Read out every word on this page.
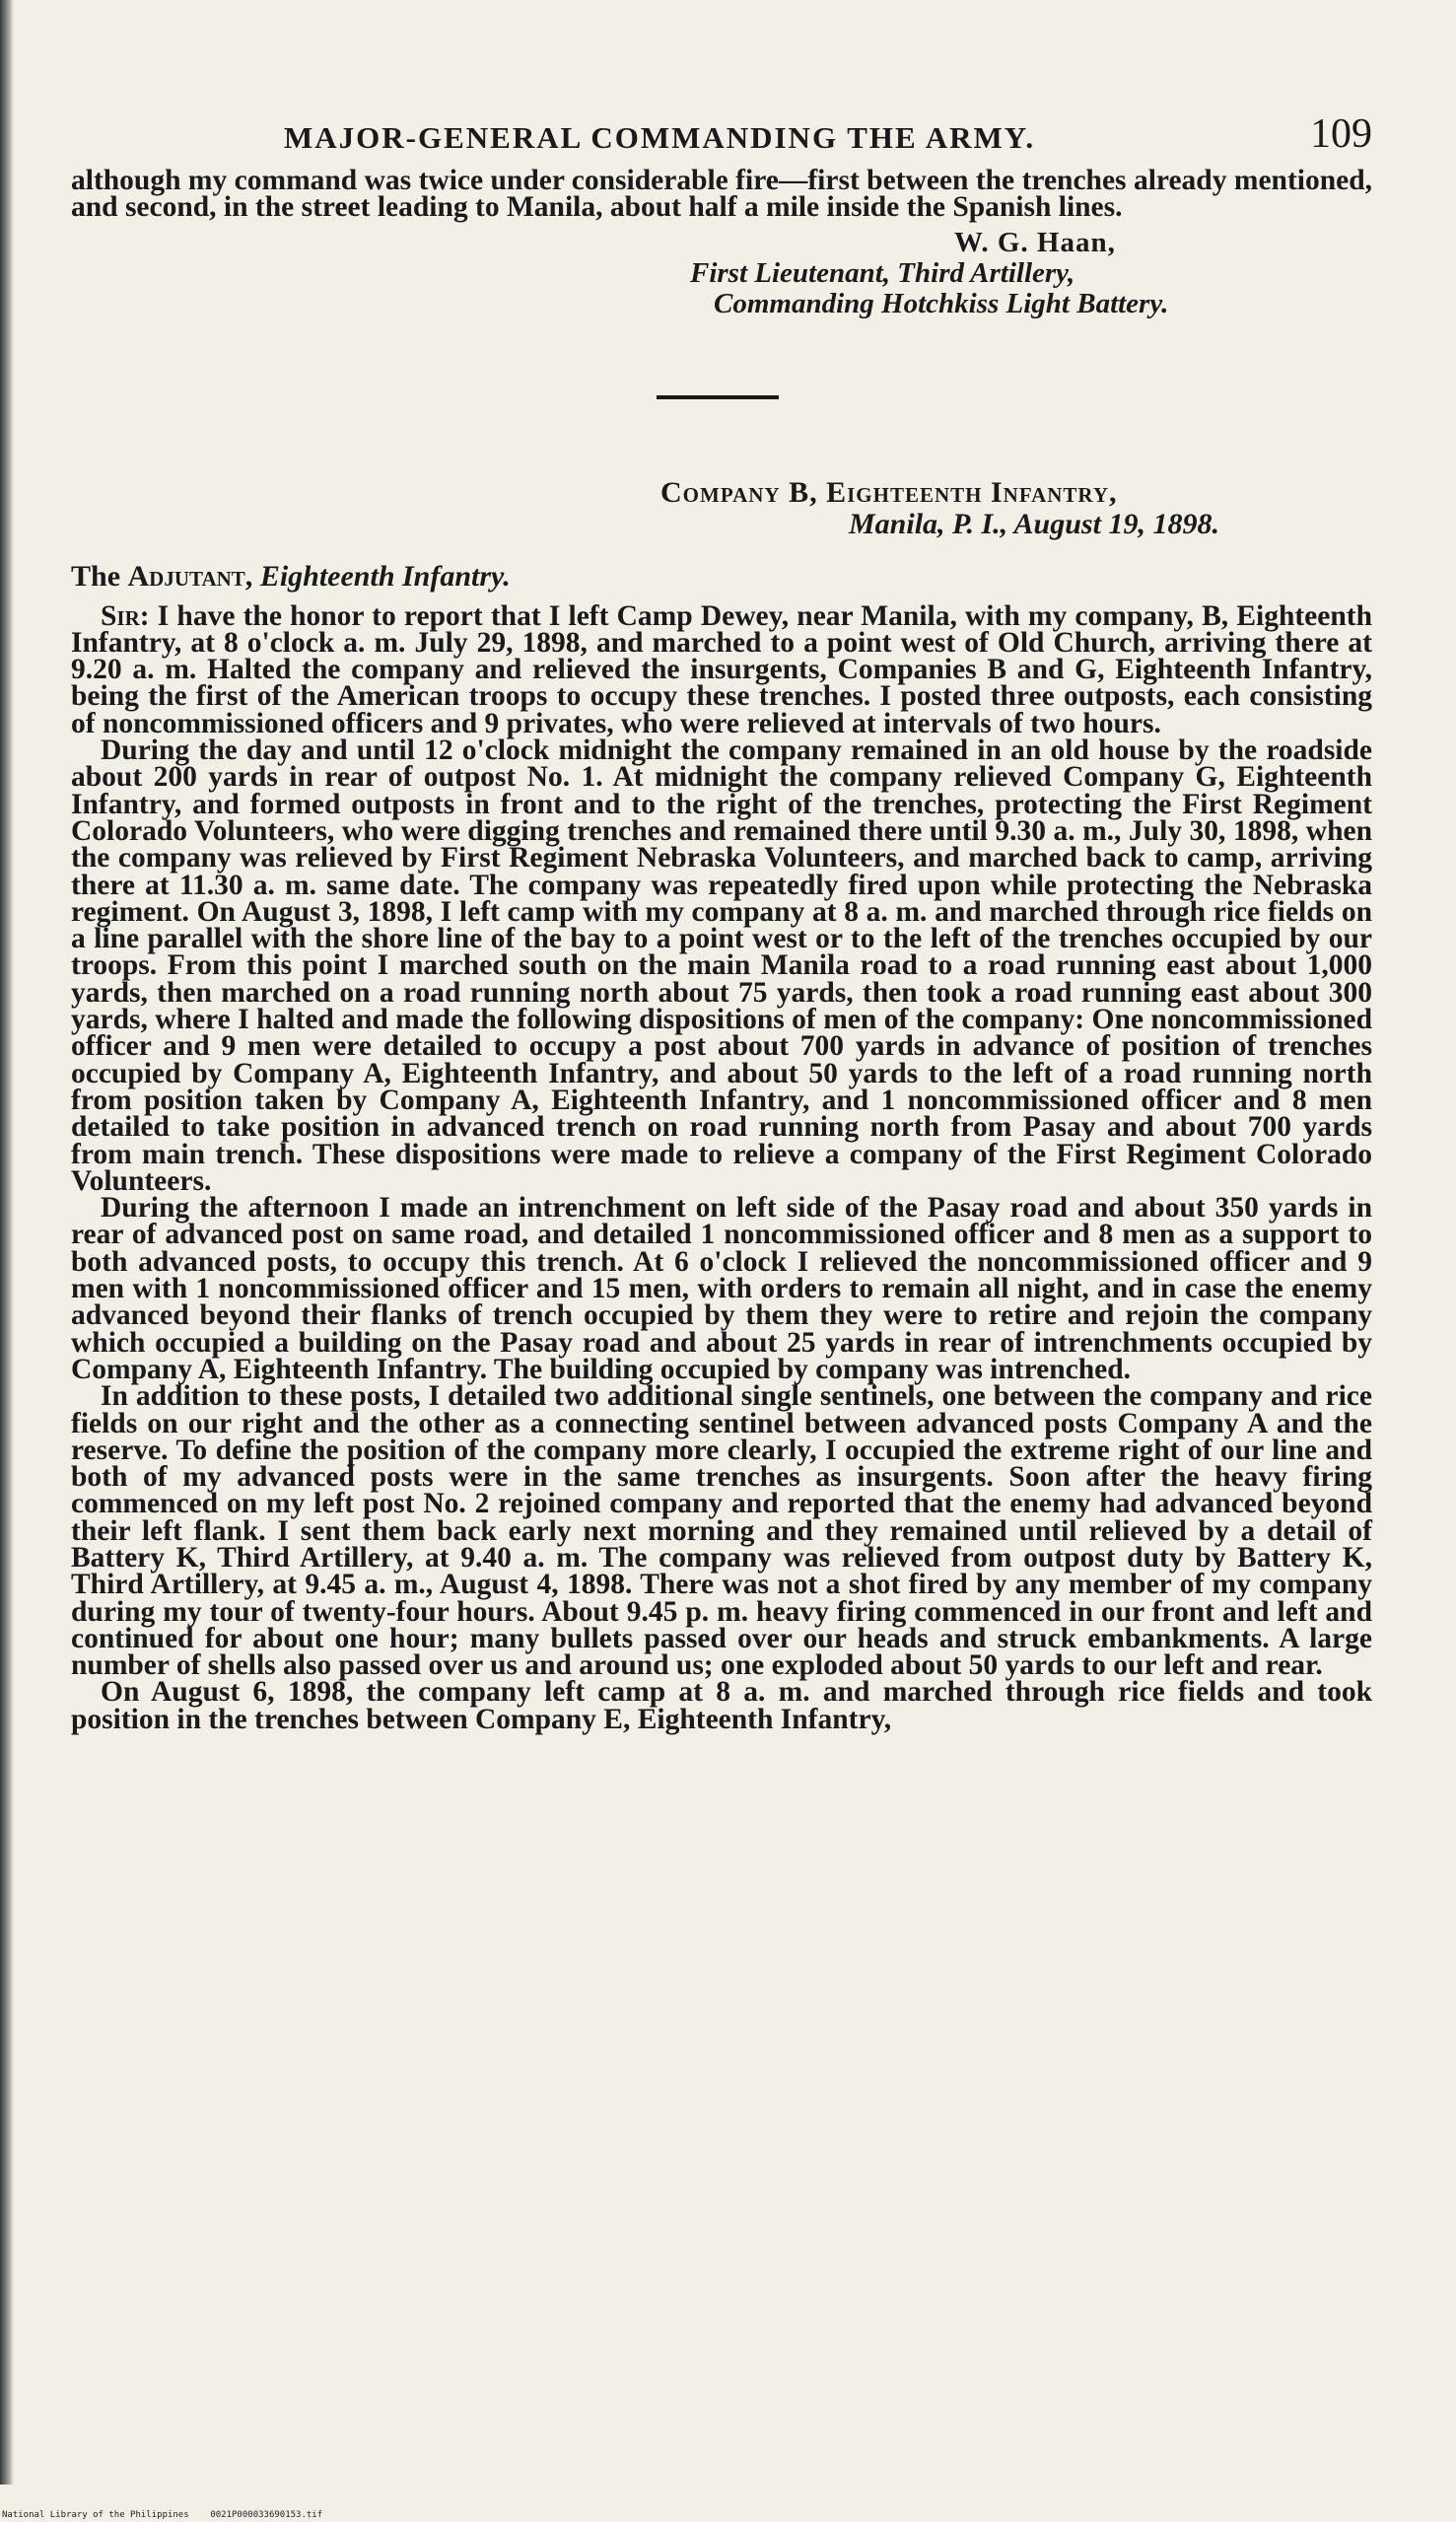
MAJOR-GENERAL COMMANDING THE ARMY.	109

although my command was twice under considerable fire—first between the trenches already mentioned, and second, in the street leading to Manila, about half a mile inside the Spanish lines.

W. G. Haan,
First Lieutenant, Third Artillery,
Commanding Hotchkiss Light Battery.
Company B, Eighteenth Infantry,
Manila, P. I., August 19, 1898.
The Adjutant, Eighteenth Infantry.

Sir: I have the honor to report that I left Camp Dewey, near Manila, with my company, B, Eighteenth Infantry, at 8 o'clock a. m. July 29, 1898, and marched to a point west of Old Church, arriving there at 9.20 a. m. Halted the company and relieved the insurgents, Companies B and G, Eighteenth Infantry, being the first of the American troops to occupy these trenches. I posted three outposts, each consisting of noncommissioned officers and 9 privates, who were relieved at intervals of two hours.

During the day and until 12 o'clock midnight the company remained in an old house by the roadside about 200 yards in rear of outpost No. 1. At midnight the company relieved Company G, Eighteenth Infantry, and formed outposts in front and to the right of the trenches, protecting the First Regiment Colorado Volunteers, who were digging trenches and remained there until 9.30 a. m., July 30, 1898, when the company was relieved by First Regiment Nebraska Volunteers, and marched back to camp, arriving there at 11.30 a. m. same date. The company was repeatedly fired upon while protecting the Nebraska regiment. On August 3, 1898, I left camp with my company at 8 a. m. and marched through rice fields on a line parallel with the shore line of the bay to a point west or to the left of the trenches occupied by our troops. From this point I marched south on the main Manila road to a road running east about 1,000 yards, then marched on a road running north about 75 yards, then took a road running east about 300 yards, where I halted and made the following dispositions of men of the company: One noncommissioned officer and 9 men were detailed to occupy a post about 700 yards in advance of position of trenches occupied by Company A, Eighteenth Infantry, and about 50 yards to the left of a road running north from position taken by Company A, Eighteenth Infantry, and 1 noncommissioned officer and 8 men detailed to take position in advanced trench on road running north from Pasay and about 700 yards from main trench. These dispositions were made to relieve a company of the First Regiment Colorado Volunteers.

During the afternoon I made an intrenchment on left side of the Pasay road and about 350 yards in rear of advanced post on same road, and detailed 1 noncommissioned officer and 8 men as a support to both advanced posts, to occupy this trench. At 6 o'clock I relieved the noncommissioned officer and 9 men with 1 noncommissioned officer and 15 men, with orders to remain all night, and in case the enemy advanced beyond their flanks of trench occupied by them they were to retire and rejoin the company which occupied a building on the Pasay road and about 25 yards in rear of intrenchments occupied by Company A, Eighteenth Infantry. The building occupied by company was intrenched.

In addition to these posts, I detailed two additional single sentinels, one between the company and rice fields on our right and the other as a connecting sentinel between advanced posts Company A and the reserve. To define the position of the company more clearly, I occupied the extreme right of our line and both of my advanced posts were in the same trenches as insurgents. Soon after the heavy firing commenced on my left post No. 2 rejoined company and reported that the enemy had advanced beyond their left flank. I sent them back early next morning and they remained until relieved by a detail of Battery K, Third Artillery, at 9.40 a. m. The company was relieved from outpost duty by Battery K, Third Artillery, at 9.45 a. m., August 4, 1898. There was not a shot fired by any member of my company during my tour of twenty-four hours. About 9.45 p. m. heavy firing commenced in our front and left and continued for about one hour; many bullets passed over our heads and struck embankments. A large number of shells also passed over us and around us; one exploded about 50 yards to our left and rear.

On August 6, 1898, the company left camp at 8 a. m. and marched through rice fields and took position in the trenches between Company E, Eighteenth Infantry,

National Library of the Philippines 0021P000033690153.tif
